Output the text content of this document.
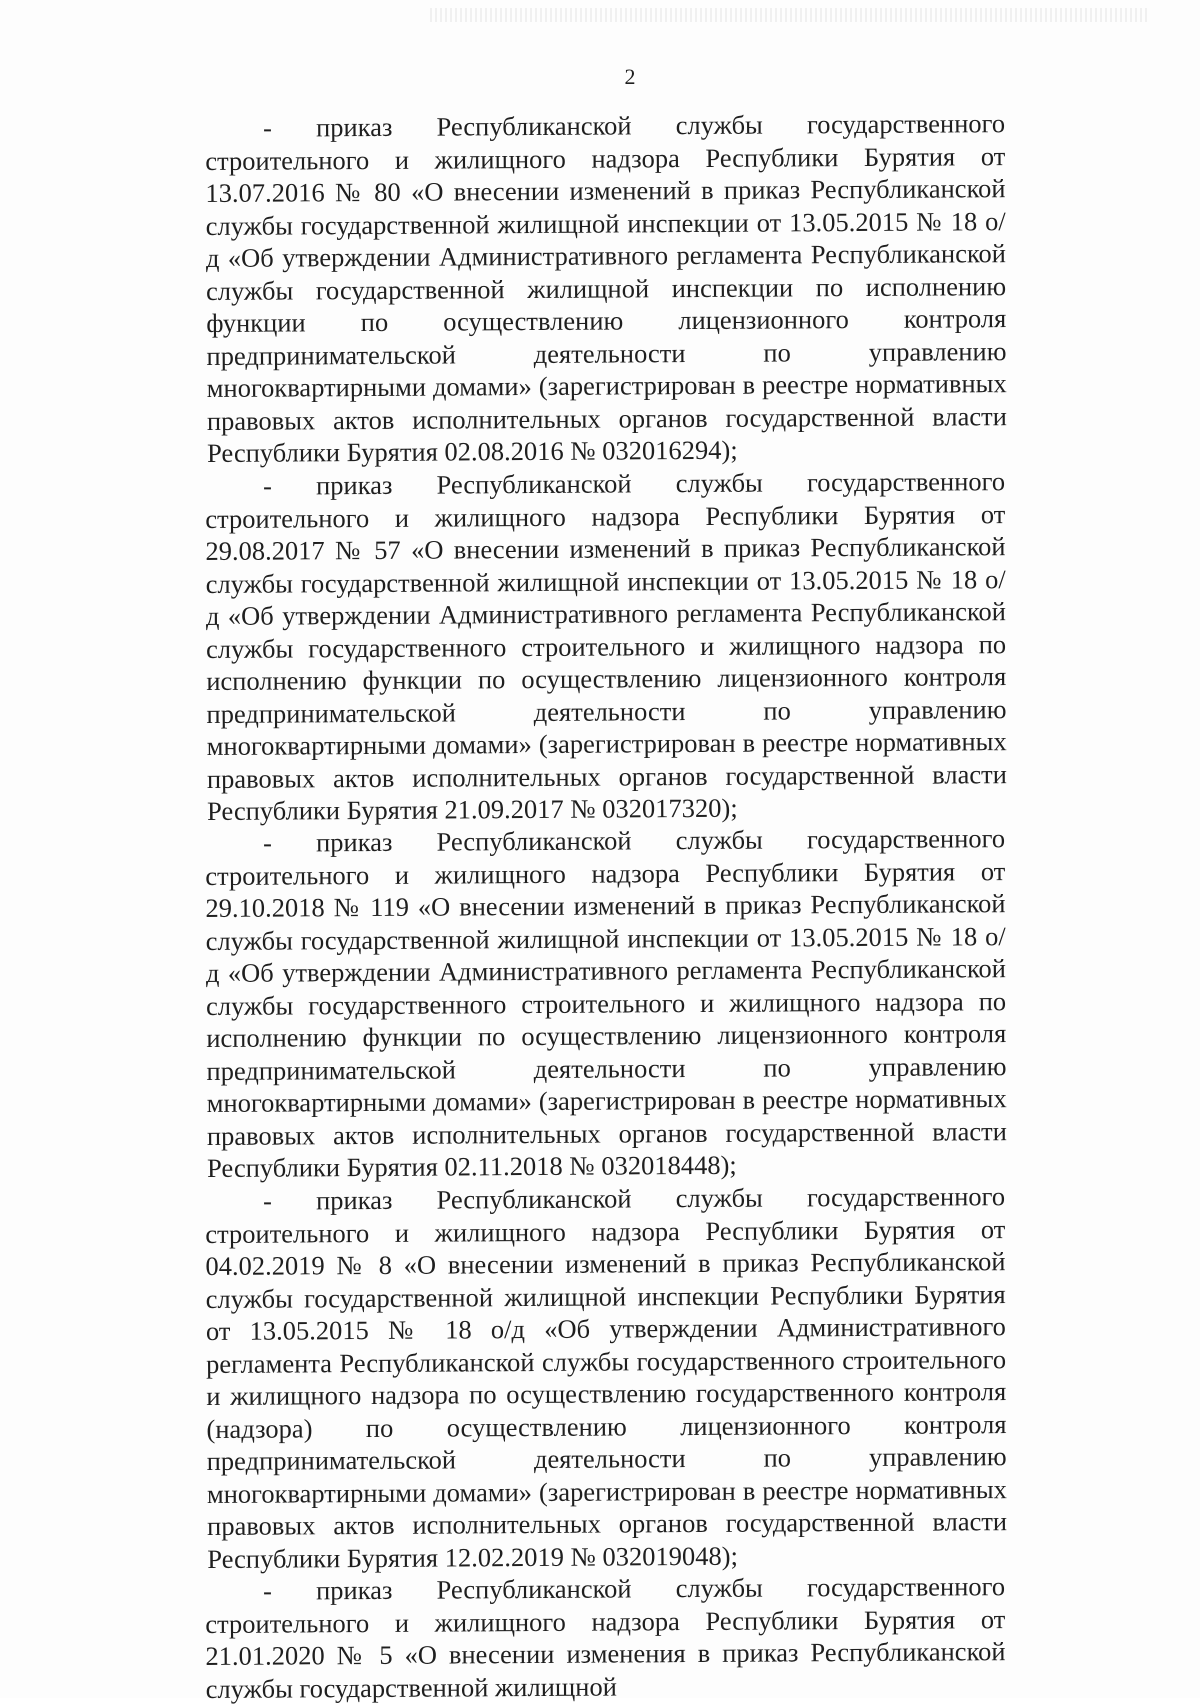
2

- приказ Республиканской службы государственного строительного и жилищного надзора Республики Бурятия от 13.07.2016 № 80 «О внесении изменений в приказ Республиканской службы государственной жилищной инспекции от 13.05.2015 № 18 о/д «Об утверждении Административного регламента Республиканской службы государственной жилищной инспекции по исполнению функции по осуществлению лицензионного контроля предпринимательской деятельности по управлению многоквартирными домами» (зарегистрирован в реестре нормативных правовых актов исполнительных органов государственной власти Республики Бурятия 02.08.2016 № 032016294);

- приказ Республиканской службы государственного строительного и жилищного надзора Республики Бурятия от 29.08.2017 № 57 «О внесении изменений в приказ Республиканской службы государственной жилищной инспекции от 13.05.2015 № 18 о/д «Об утверждении Административного регламента Республиканской службы государственного строительного и жилищного надзора по исполнению функции по осуществлению лицензионного контроля предпринимательской деятельности по управлению многоквартирными домами» (зарегистрирован в реестре нормативных правовых актов исполнительных органов государственной власти Республики Бурятия 21.09.2017 № 032017320);

- приказ Республиканской службы государственного строительного и жилищного надзора Республики Бурятия от 29.10.2018 № 119 «О внесении изменений в приказ Республиканской службы государственной жилищной инспекции от 13.05.2015 № 18 о/д «Об утверждении Административного регламента Республиканской службы государственного строительного и жилищного надзора по исполнению функции по осуществлению лицензионного контроля предпринимательской деятельности по управлению многоквартирными домами» (зарегистрирован в реестре нормативных правовых актов исполнительных органов государственной власти Республики Бурятия 02.11.2018 № 032018448);

- приказ Республиканской службы государственного строительного и жилищного надзора Республики Бурятия от 04.02.2019 № 8 «О внесении изменений в приказ Республиканской службы государственной жилищной инспекции Республики Бурятия от 13.05.2015 № 18 о/д «Об утверждении Административного регламента Республиканской службы государственного строительного и жилищного надзора по осуществлению государственного контроля (надзора) по осуществлению лицензионного контроля предпринимательской деятельности по управлению многоквартирными домами» (зарегистрирован в реестре нормативных правовых актов исполнительных органов государственной власти Республики Бурятия 12.02.2019 № 032019048);

- приказ Республиканской службы государственного строительного и жилищного надзора Республики Бурятия от 21.01.2020 № 5 «О внесении изменения в приказ Республиканской службы государственной жилищной
